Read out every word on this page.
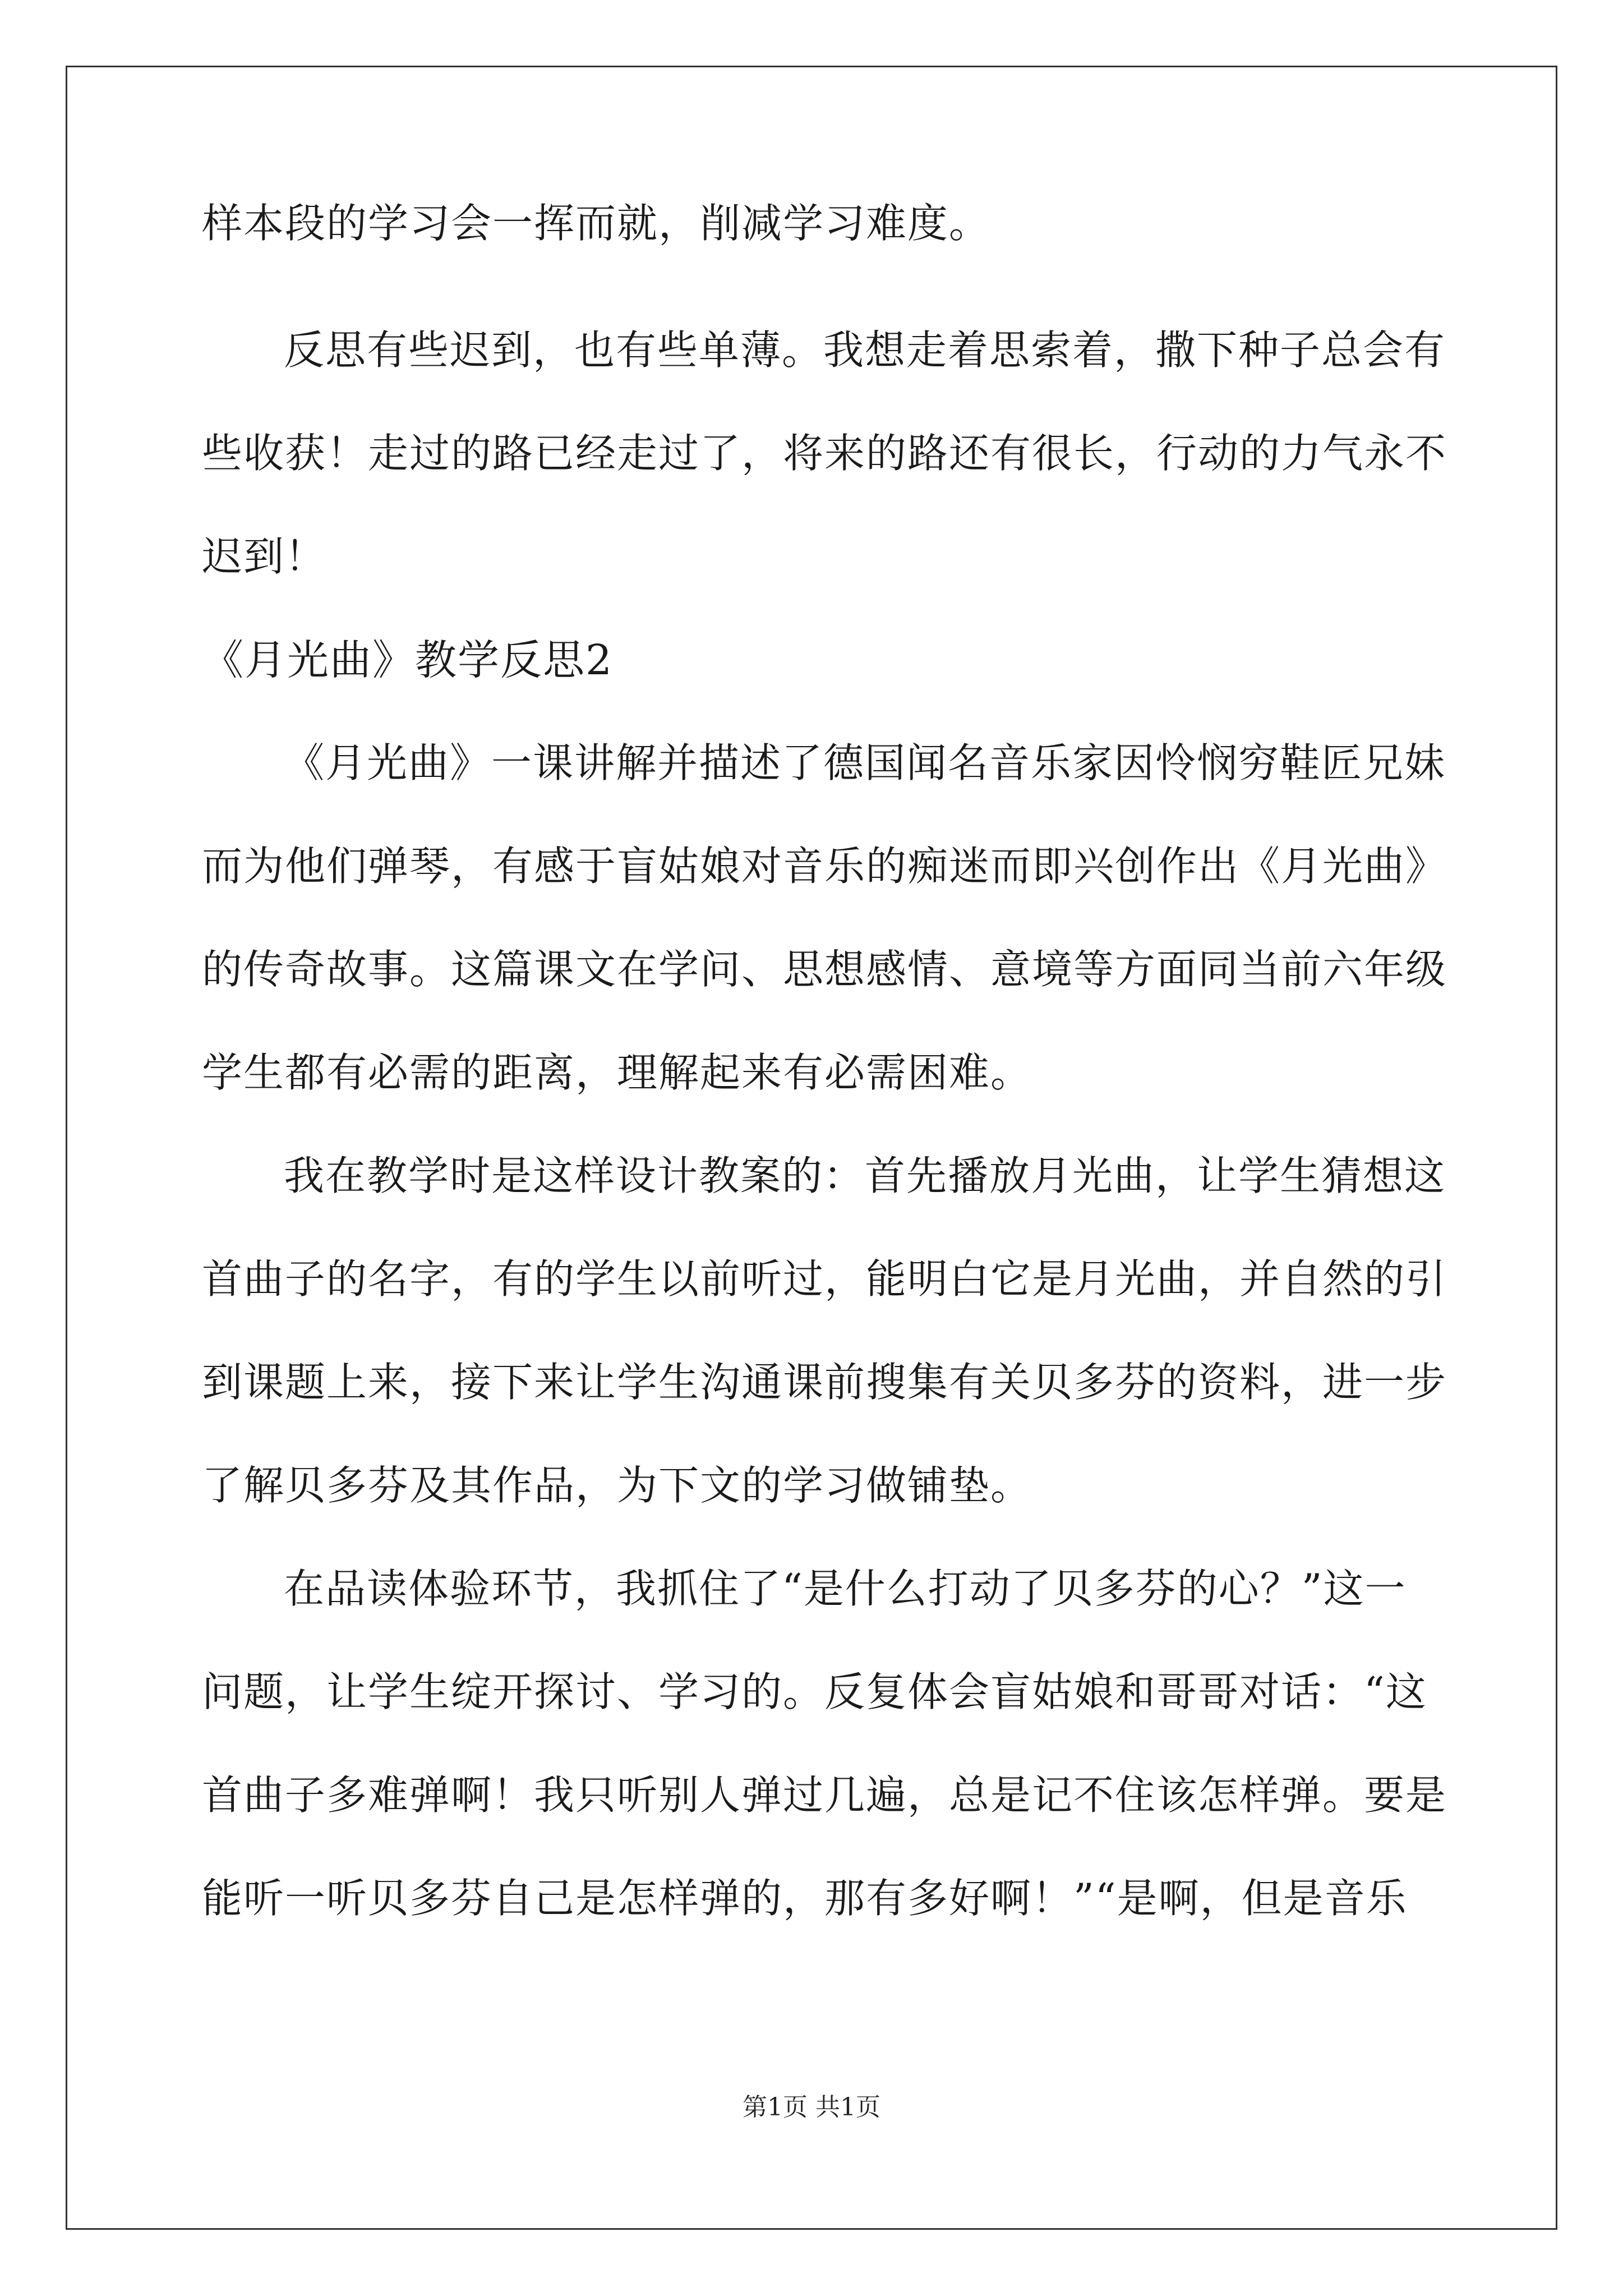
样本段的学习会一挥而就，削减学习难度。
反思有些迟到，也有些单薄。我想走着思索着，撒下种子总会有
些收获！走过的路已经走过了，将来的路还有很长，行动的力气永不
迟到！
《月光曲》教学反思2
《月光曲》一课讲解并描述了德国闻名音乐家因怜悯穷鞋匠兄妹
而为他们弹琴，有感于盲姑娘对音乐的痴迷而即兴创作出《月光曲》
的传奇故事。这篇课文在学问、思想感情、意境等方面同当前六年级
学生都有必需的距离，理解起来有必需困难。
我在教学时是这样设计教案的：首先播放月光曲，让学生猜想这
首曲子的名字，有的学生以前听过，能明白它是月光曲，并自然的引
到课题上来，接下来让学生沟通课前搜集有关贝多芬的资料，进一步
了解贝多芬及其作品，为下文的学习做铺垫。
在品读体验环节，我抓住了“是什么打动了贝多芬的心？”这一
问题，让学生绽开探讨、学习的。反复体会盲姑娘和哥哥对话：“这
首曲子多难弹啊！我只听别人弹过几遍，总是记不住该怎样弹。要是
能听一听贝多芬自己是怎样弹的，那有多好啊！”“是啊，但是音乐
第1页 共1页
